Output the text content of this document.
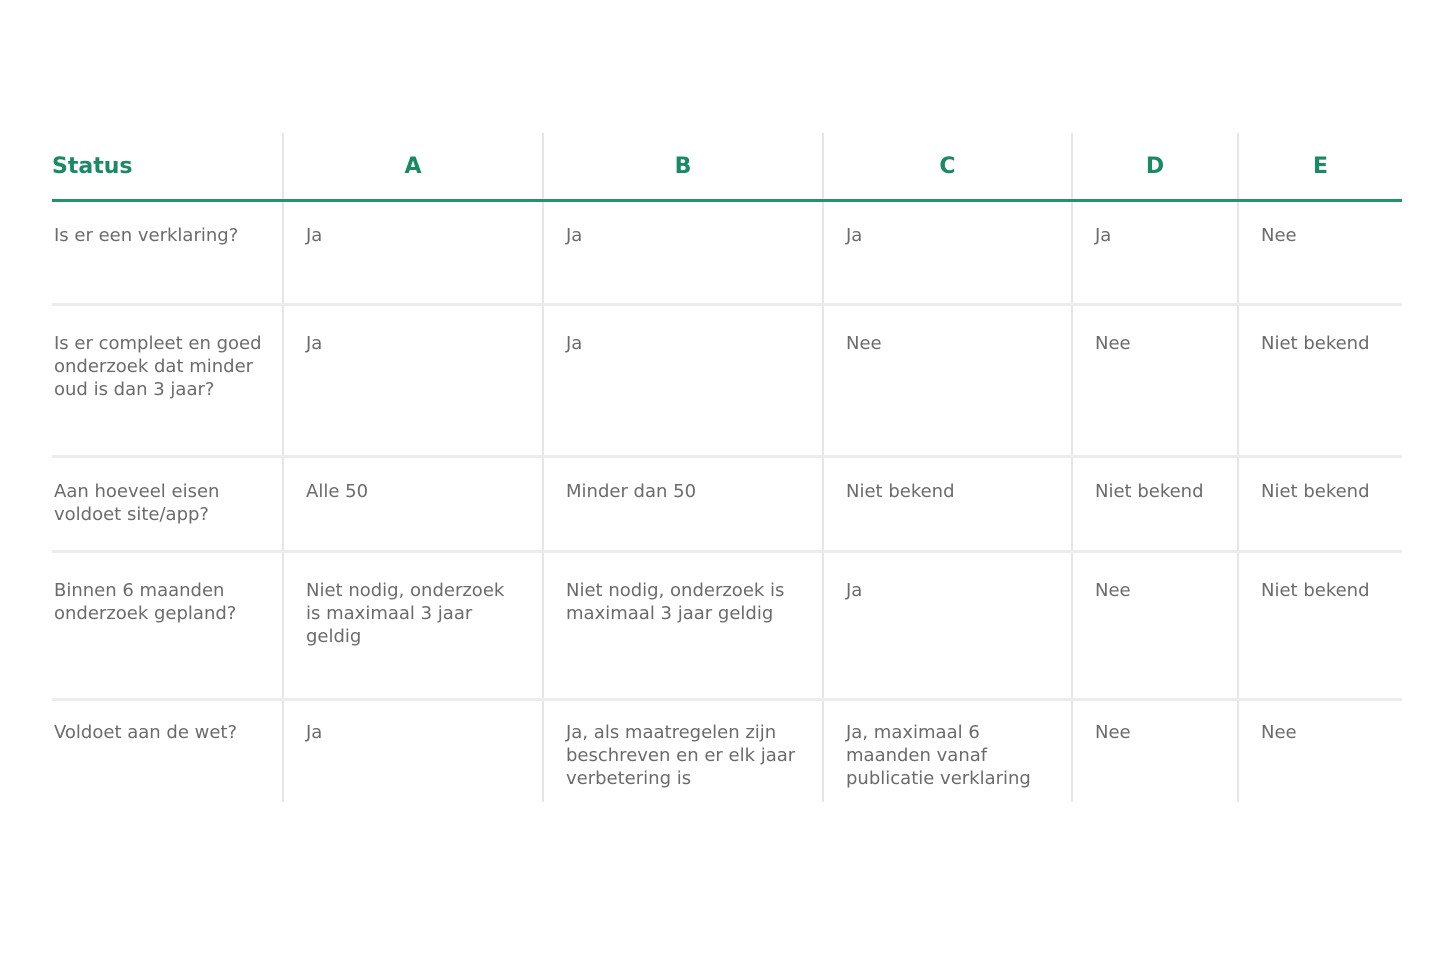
Status	A	B	C	D	E
Is er een verklaring?	Ja	Ja	Ja	Ja	Nee
Is er compleet en goed onderzoek dat minder oud is dan 3 jaar?	Ja	Ja	Nee	Nee	Niet bekend
Aan hoeveel eisen voldoet site/app?	Alle 50	Minder dan 50	Niet bekend	Niet bekend	Niet bekend
Binnen 6 maanden onderzoek gepland?	Niet nodig, onderzoek is maximaal 3 jaar geldig	Niet nodig, onderzoek is maximaal 3 jaar geldig	Ja	Nee	Niet bekend
Voldoet aan de wet?	Ja	Ja, als maatregelen zijn beschreven en er elk jaar verbetering is	Ja, maximaal 6 maanden vanaf publicatie verklaring	Nee	Nee
